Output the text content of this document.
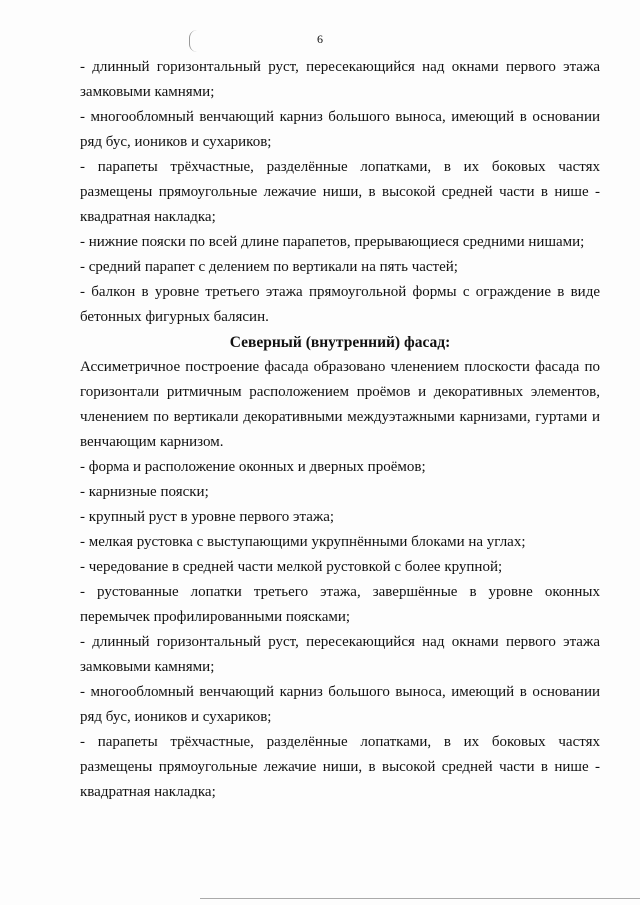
6
- длинный горизонтальный руст, пересекающийся над окнами первого этажа
замковыми камнями;
- многообломный венчающий карниз большого выноса, имеющий в основании
ряд бус, иоников и сухариков;
- парапеты трёхчастные, разделённые лопатками, в их боковых частях
размещены прямоугольные лежачие ниши, в высокой средней части в нише -
квадратная накладка;
- нижние пояски по всей длине парапетов, прерывающиеся средними нишами;
- средний парапет с делением по вертикали на пять частей;
- балкон в уровне третьего этажа прямоугольной формы с ограждение в виде
бетонных фигурных балясин.
Северный (внутренний) фасад:
Ассиметричное построение фасада образовано членением плоскости фасада по
горизонтали ритмичным расположением проёмов и декоративных элементов,
членением по вертикали декоративными междуэтажными карнизами, гуртами и
венчающим карнизом.
- форма и расположение оконных и дверных проёмов;
- карнизные пояски;
- крупный руст в уровне первого этажа;
- мелкая рустовка с выступающими укрупнёнными блоками на углах;
- чередование в средней части мелкой рустовкой с более крупной;
- рустованные лопатки третьего этажа, завершённые в уровне оконных
перемычек профилированными поясками;
- длинный горизонтальный руст, пересекающийся над окнами первого этажа
замковыми камнями;
- многообломный венчающий карниз большого выноса, имеющий в основании
ряд бус, иоников и сухариков;
- парапеты трёхчастные, разделённые лопатками, в их боковых частях
размещены прямоугольные лежачие ниши, в высокой средней части в нише -
квадратная накладка;
